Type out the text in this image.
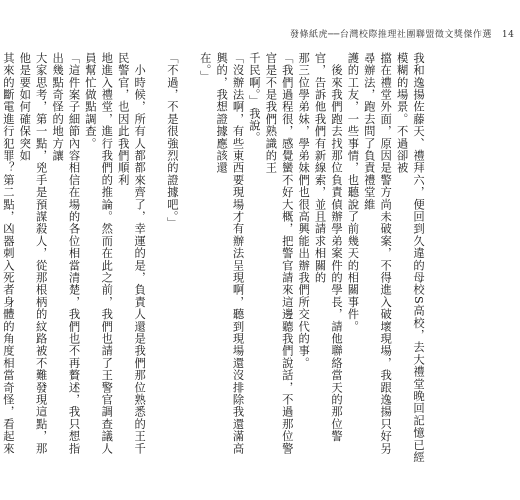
發條紙虎──台灣校際推理社團聯盟徵文獎傑作選 14

我和逸揚佐藤天、禮拜六，便回到久違的母校S高校，去大禮堂晚回記憶已經模糊的場景。不過卻被

擋在禮堂外面，原因是警方尚未破案，不得進入破壞現場，我跟逸揚只好另尋辦法，跑去問了負責禮堂維

護的工友，一些事情，也聽說了前幾天的相關事件。

　後來我們跑去找那位負責偵辦學弟案件的學長，請他聯絡當天的那位警官，告訴他我們有新線索，並且請求相關的

那三位學弟妹，學弟妹們也很高興能出辦我們所交代的事。

「我們過程很，感覺蠻不好大概，把警官請來這邊聽我們說話，不過那位警官是不是我們熟識的王

千民啊。」我說。

「沒辦法啊，有些東西要現場才有辦法呈現啊，聽到現場還沒排除我還滿高興的，我想證據應該還

在。」

「不過，不是很強烈的證據吧。」

　小時候，所有人都都來齊了，幸運的是，負責人還是我們那位熟悉的王千民警官，也因此我們順利

地進入禮堂，進行我們的推論。然而在此之前，我們也請了王警官調查議人員幫忙做點調查。

「這件案子細節內容相信在場的各位相當清楚，我們也不再贅述，我只想指出幾點奇怪的地方讓

大家思考，第一點，兇手是預謀殺人，從那根柄的紋路被不難發現這點，那他是要如何確保突如

其來的斷電進行犯罪？第二點，凶器刺入死者身體的角度相當奇怪，看起來
